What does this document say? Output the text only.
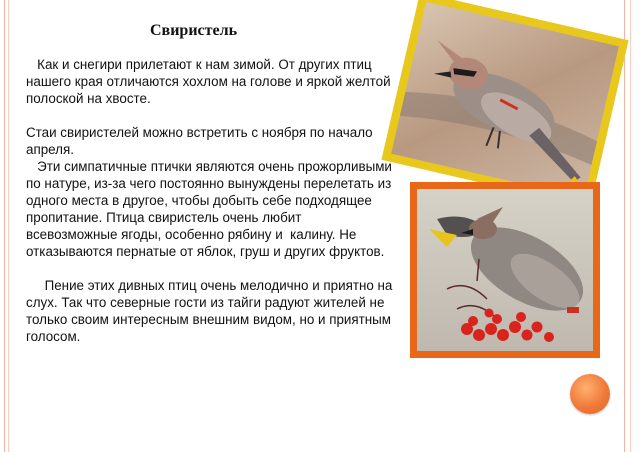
Свиристель

Как и снегири прилетают к нам зимой. От других птиц нашего края отличаются хохлом на голове и яркой желтой полоской на хвосте.

Стаи свиристелей можно встретить с ноября по начало апреля.

Эти симпатичные птички являются очень прожорливыми по натуре, из-за чего постоянно вынуждены перелетать из одного места в другое, чтобы добыть себе подходящее пропитание. Птица свиристель очень любит всевозможные ягоды, особенно рябину и  калину. Не отказываются пернатые от яблок, груш и других фруктов.

Пение этих дивных птиц очень мелодично и приятно на слух. Так что северные гости из тайги радуют жителей не только своим интересным внешним видом, но и приятным голосом.
